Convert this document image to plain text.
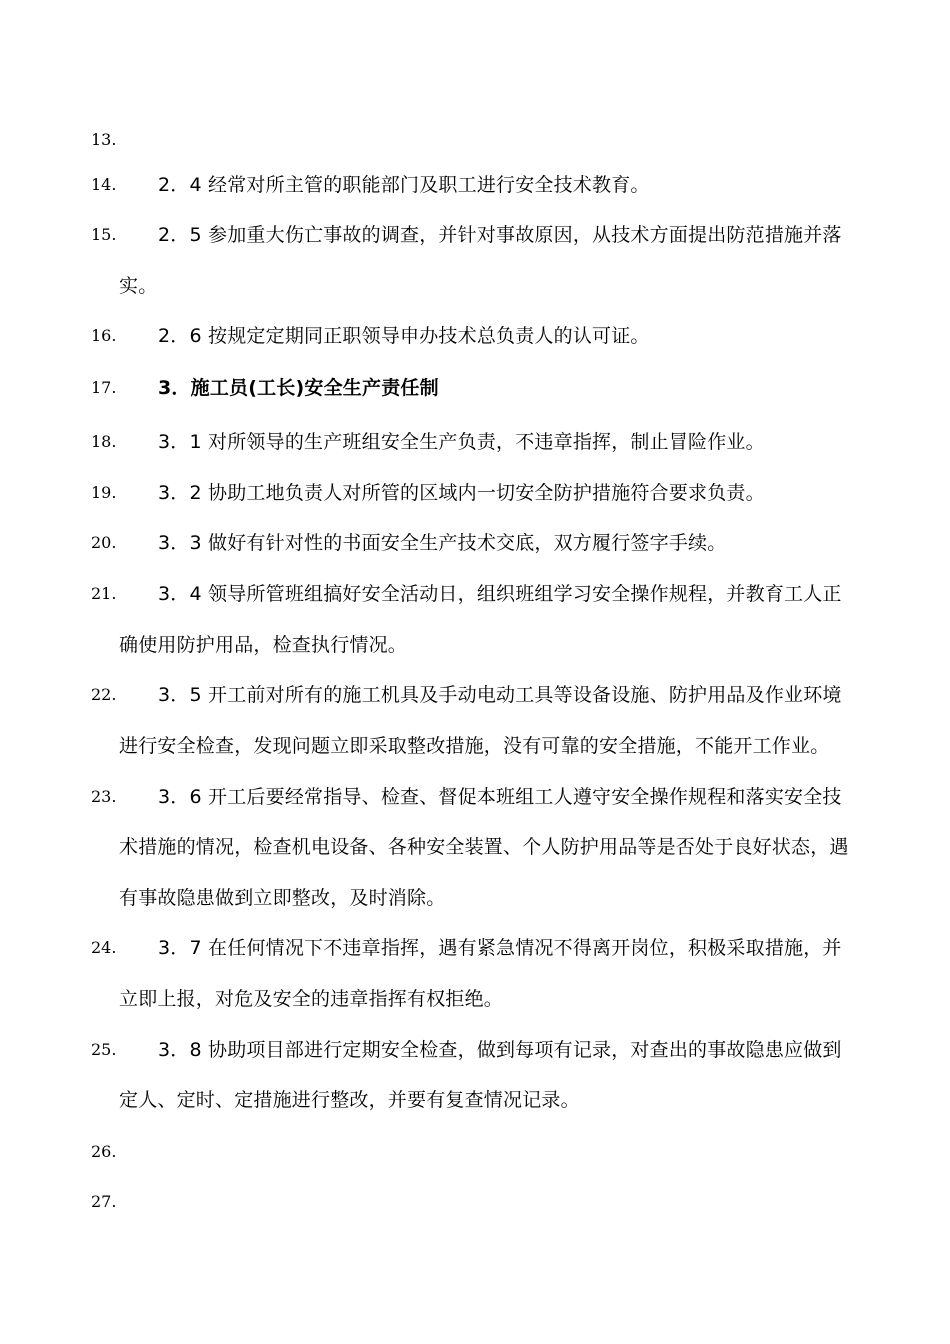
13.
14. 2．4 经常对所主管的职能部门及职工进行安全技术教育。
15. 2．5 参加重大伤亡事故的调查，并针对事故原因，从技术方面提出防范措施并落
实。
16. 2．6 按规定定期同正职领导申办技术总负责人的认可证。
17. 3．施工员(工长)安全生产责任制
18. 3．1 对所领导的生产班组安全生产负责，不违章指挥，制止冒险作业。
19. 3．2 协助工地负责人对所管的区域内一切安全防护措施符合要求负责。
20. 3．3 做好有针对性的书面安全生产技术交底，双方履行签字手续。
21. 3．4 领导所管班组搞好安全活动日，组织班组学习安全操作规程，并教育工人正
确使用防护用品，检查执行情况。
22. 3．5 开工前对所有的施工机具及手动电动工具等设备设施、防护用品及作业环境
进行安全检查，发现问题立即采取整改措施，没有可靠的安全措施，不能开工作业。
23. 3．6 开工后要经常指导、检查、督促本班组工人遵守安全操作规程和落实安全技
术措施的情况，检查机电设备、各种安全装置、个人防护用品等是否处于良好状态，遇
有事故隐患做到立即整改，及时消除。
24. 3．7 在任何情况下不违章指挥，遇有紧急情况不得离开岗位，积极采取措施，并
立即上报，对危及安全的违章指挥有权拒绝。
25. 3．8 协助项目部进行定期安全检查，做到每项有记录，对查出的事故隐患应做到
定人、定时、定措施进行整改，并要有复查情况记录。
26.
27.
